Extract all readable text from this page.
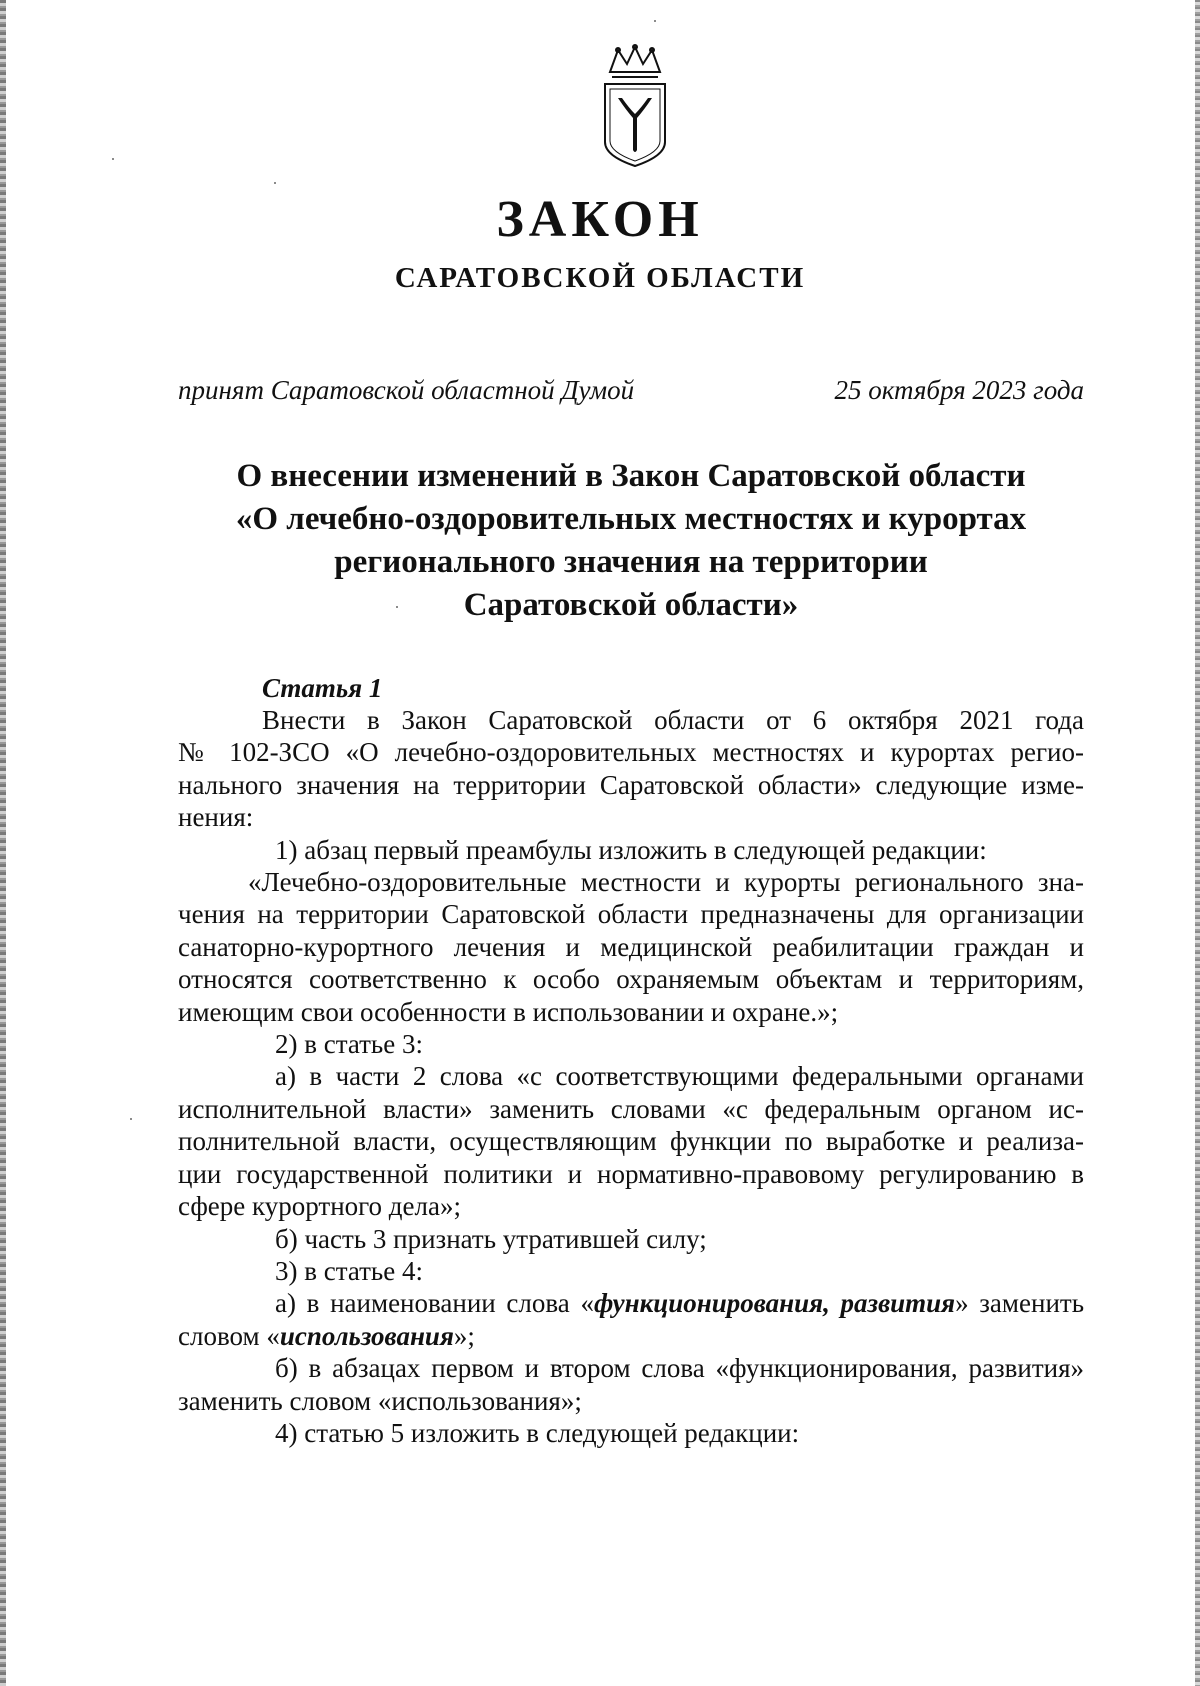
ЗАКОН
САРАТОВСКОЙ ОБЛАСТИ
принят Саратовской областной Думой	25 октября 2023 года
О внесении изменений в Закон Саратовской области
«О лечебно-оздоровительных местностях и курортах
регионального значения на территории
Саратовской области»
Статья 1

Внести в Закон Саратовской области от 6 октября 2021 года

№ 102-ЗСО «О лечебно-оздоровительных местностях и курортах регио-

нального значения на территории Саратовской области» следующие изме-

нения:

1) абзац первый преамбулы изложить в следующей редакции:

«Лечебно-оздоровительные местности и курорты регионального зна-

чения на территории Саратовской области предназначены для организации

санаторно-курортного лечения и медицинской реабилитации граждан и

относятся соответственно к особо охраняемым объектам и территориям,

имеющим свои особенности в использовании и охране.»;

2) в статье 3:

а) в части 2 слова «с соответствующими федеральными органами

исполнительной власти» заменить словами «с федеральным органом ис-

полнительной власти, осуществляющим функции по выработке и реализа-

ции государственной политики и нормативно-правовому регулированию в

сфере курортного дела»;

б) часть 3 признать утратившей силу;

3) в статье 4:

а) в наименовании слова «функционирования, развития» заменить

словом «использования»;

б) в абзацах первом и втором слова «функционирования, развития»

заменить словом «использования»;

4) статью 5 изложить в следующей редакции:
